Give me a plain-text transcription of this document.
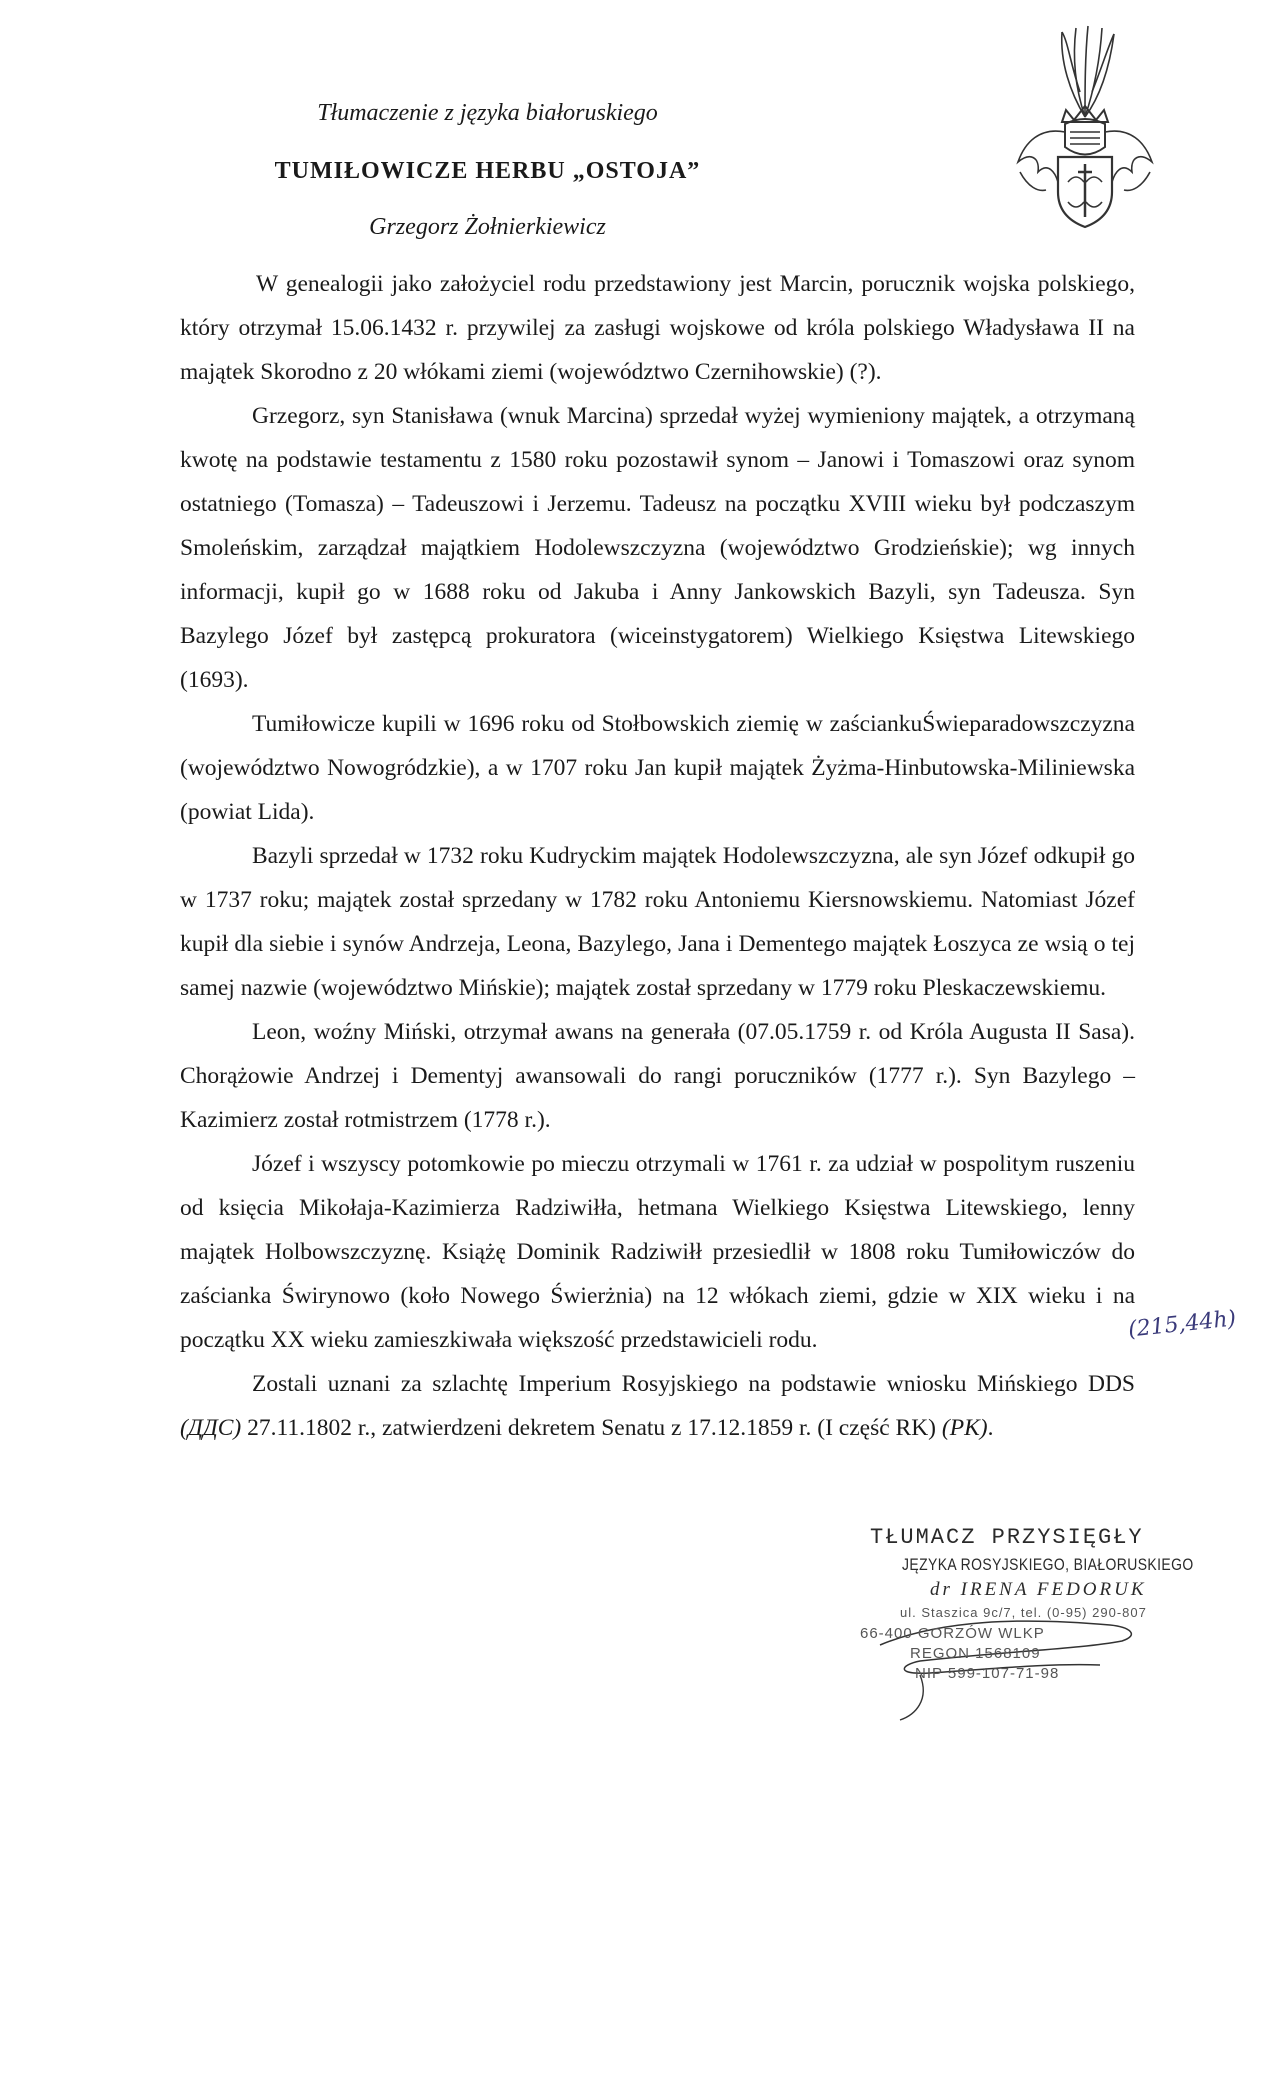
Tłumaczenie z języka białoruskiego
TUMIŁOWICZE HERBU „OSTOJA”
Grzegorz Żołnierkiewicz

W genealogii jako założyciel rodu przedstawiony jest Marcin, porucznik wojska polskiego, który otrzymał 15.06.1432 r. przywilej za zasługi wojskowe od króla polskiego Władysława II na majątek Skorodno z 20 włókami ziemi (województwo Czernihowskie) (?).

Grzegorz, syn Stanisława (wnuk Marcina) sprzedał wyżej wymieniony majątek, a otrzymaną kwotę na podstawie testamentu z 1580 roku pozostawił synom – Janowi i Tomaszowi oraz synom ostatniego (Tomasza) – Tadeuszowi i Jerzemu. Tadeusz na początku XVIII wieku był podczaszym Smoleńskim, zarządzał majątkiem Hodolewszczyzna (województwo Grodzieńskie); wg innych informacji, kupił go w 1688 roku od Jakuba i Anny Jankowskich Bazyli, syn Tadeusza. Syn Bazylego Józef był zastępcą prokuratora (wiceinstygatorem) Wielkiego Księstwa Litewskiego (1693).

Tumiłowicze kupili w 1696 roku od Stołbowskich ziemię w zaściankuŚwieparadowszczyzna (województwo Nowogródzkie), a w 1707 roku Jan kupił majątek Żyżma-Hinbutowska-Miliniewska (powiat Lida).

Bazyli sprzedał w 1732 roku Kudryckim majątek Hodolewszczyzna, ale syn Józef odkupił go w 1737 roku; majątek został sprzedany w 1782 roku Antoniemu Kiersnowskiemu. Natomiast Józef kupił dla siebie i synów Andrzeja, Leona, Bazylego, Jana i Dementego majątek Łoszyca ze wsią o tej samej nazwie (województwo Mińskie); majątek został sprzedany w 1779 roku Pleskaczewskiemu.

Leon, woźny Miński, otrzymał awans na generała (07.05.1759 r. od Króla Augusta II Sasa). Chorążowie Andrzej i Dementyj awansowali do rangi poruczników (1777 r.). Syn Bazylego – Kazimierz został rotmistrzem (1778 r.).

Józef i wszyscy potomkowie po mieczu otrzymali w 1761 r. za udział w pospolitym ruszeniu od księcia Mikołaja-Kazimierza Radziwiłła, hetmana Wielkiego Księstwa Litewskiego, lenny majątek Holbowszczyznę. Książę Dominik Radziwiłł przesiedlił w 1808 roku Tumiłowiczów do zaścianka Świrynowo (koło Nowego Świerżnia) na 12 włókach ziemi, gdzie w XIX wieku i na początku XX wieku zamieszkiwała większość przedstawicieli rodu.

Zostali uznani za szlachtę Imperium Rosyjskiego na podstawie wniosku Mińskiego DDS (ДДС) 27.11.1802 r., zatwierdzeni dekretem Senatu z 17.12.1859 r. (I część RK) (PK).

(215,44h)
TŁUMACZ PRZYSIĘGŁY
JĘZYKA ROSYJSKIEGO, BIAŁORUSKIEGO
dr IRENA FEDORUK
ul. Staszica 9c/7, tel. (0-95) 290-807
66-400 GORZÓW WLKP
REGON 1568109
NIP 599-107-71-98
